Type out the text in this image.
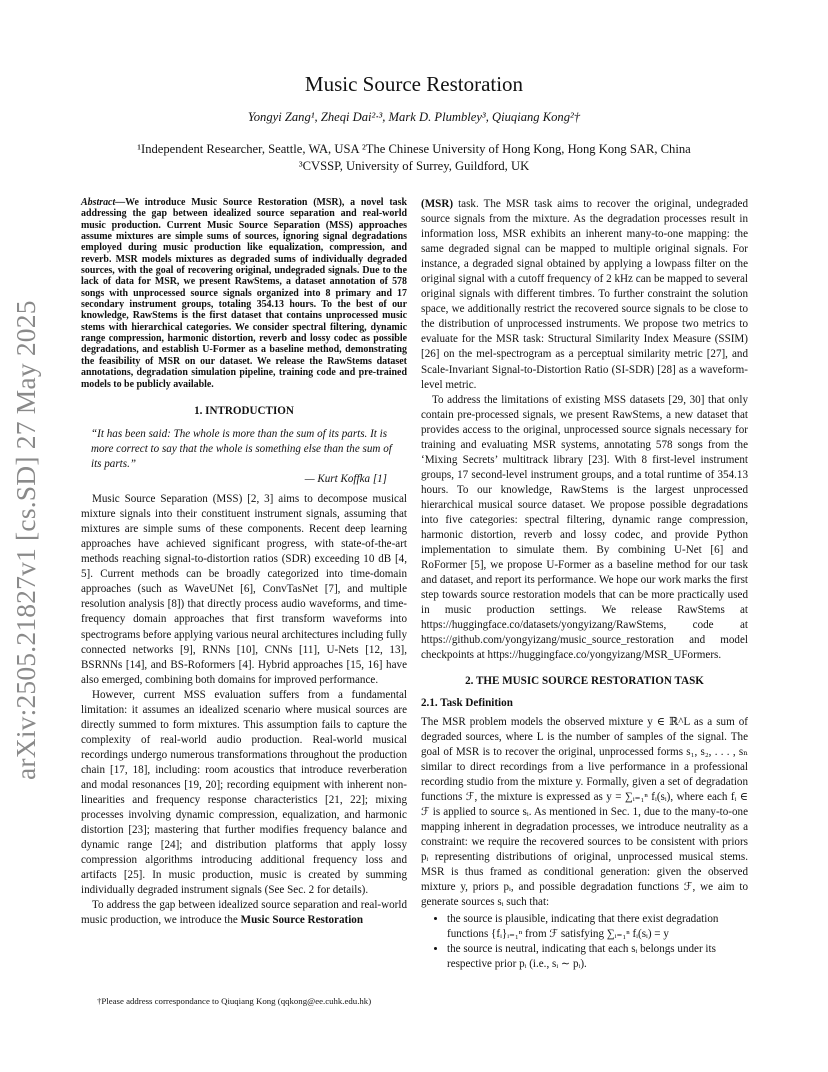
arXiv:2505.21827v1 [cs.SD] 27 May 2025
Music Source Restoration
Yongyi Zang¹, Zheqi Dai²·³, Mark D. Plumbley³, Qiuqiang Kong²†
¹Independent Researcher, Seattle, WA, USA ²The Chinese University of Hong Kong, Hong Kong SAR, China
³CVSSP, University of Surrey, Guildford, UK
Abstract—We introduce Music Source Restoration (MSR), a novel task addressing the gap between idealized source separation and real-world music production. Current Music Source Separation (MSS) approaches assume mixtures are simple sums of sources, ignoring signal degradations employed during music production like equalization, compression, and reverb. MSR models mixtures as degraded sums of individually degraded sources, with the goal of recovering original, undegraded signals. Due to the lack of data for MSR, we present RawStems, a dataset annotation of 578 songs with unprocessed source signals organized into 8 primary and 17 secondary instrument groups, totaling 354.13 hours. To the best of our knowledge, RawStems is the first dataset that contains unprocessed music stems with hierarchical categories. We consider spectral filtering, dynamic range compression, harmonic distortion, reverb and lossy codec as possible degradations, and establish U-Former as a baseline method, demonstrating the feasibility of MSR on our dataset. We release the RawStems dataset annotations, degradation simulation pipeline, training code and pre-trained models to be publicly available.
1. INTRODUCTION
“It has been said: The whole is more than the sum of its parts. It is more correct to say that the whole is something else than the sum of its parts.”
— Kurt Koffka [1]

Music Source Separation (MSS) [2, 3] aims to decompose musical mixture signals into their constituent instrument signals, assuming that mixtures are simple sums of these components. Recent deep learning approaches have achieved significant progress, with state-of-the-art methods reaching signal-to-distortion ratios (SDR) exceeding 10 dB [4, 5]. Current methods can be broadly categorized into time-domain approaches (such as WaveUNet [6], ConvTasNet [7], and multiple resolution analysis [8]) that directly process audio waveforms, and time-frequency domain approaches that first transform waveforms into spectrograms before applying various neural architectures including fully connected networks [9], RNNs [10], CNNs [11], U-Nets [12, 13], BSRNNs [14], and BS-Roformers [4]. Hybrid approaches [15, 16] have also emerged, combining both domains for improved performance.

However, current MSS evaluation suffers from a fundamental limitation: it assumes an idealized scenario where musical sources are directly summed to form mixtures. This assumption fails to capture the complexity of real-world audio production. Real-world musical recordings undergo numerous transformations throughout the production chain [17, 18], including: room acoustics that introduce reverberation and modal resonances [19, 20]; recording equipment with inherent non-linearities and frequency response characteristics [21, 22]; mixing processes involving dynamic compression, equalization, and harmonic distortion [23]; mastering that further modifies frequency balance and dynamic range [24]; and distribution platforms that apply lossy compression algorithms introducing additional frequency loss and artifacts [25]. In music production, music is created by summing individually degraded instrument signals (See Sec. 2 for details).

To address the gap between idealized source separation and real-world music production, we introduce the Music Source Restoration

†Please address correspondance to Qiuqiang Kong (qqkong@ee.cuhk.edu.hk)

(MSR) task. The MSR task aims to recover the original, undegraded source signals from the mixture. As the degradation processes result in information loss, MSR exhibits an inherent many-to-one mapping: the same degraded signal can be mapped to multiple original signals. For instance, a degraded signal obtained by applying a lowpass filter on the original signal with a cutoff frequency of 2 kHz can be mapped to several original signals with different timbres. To further constraint the solution space, we additionally restrict the recovered source signals to be close to the distribution of unprocessed instruments. We propose two metrics to evaluate for the MSR task: Structural Similarity Index Measure (SSIM) [26] on the mel-spectrogram as a perceptual similarity metric [27], and Scale-Invariant Signal-to-Distortion Ratio (SI-SDR) [28] as a waveform-level metric.

To address the limitations of existing MSS datasets [29, 30] that only contain pre-processed signals, we present RawStems, a new dataset that provides access to the original, unprocessed source signals necessary for training and evaluating MSR systems, annotating 578 songs from the ‘Mixing Secrets’ multitrack library [23]. With 8 first-level instrument groups, 17 second-level instrument groups, and a total runtime of 354.13 hours. To our knowledge, RawStems is the largest unprocessed hierarchical musical source dataset. We propose possible degradations into five categories: spectral filtering, dynamic range compression, harmonic distortion, reverb and lossy codec, and provide Python implementation to simulate them. By combining U-Net [6] and RoFormer [5], we propose U-Former as a baseline method for our task and dataset, and report its performance. We hope our work marks the first step towards source restoration models that can be more practically used in music production settings. We release RawStems at https://huggingface.co/datasets/yongyizang/RawStems, code at https://github.com/yongyizang/music_source_restoration and model checkpoints at https://huggingface.co/yongyizang/MSR_UFormers.

2. THE MUSIC SOURCE RESTORATION TASK
2.1. Task Definition

The MSR problem models the observed mixture y ∈ ℝ^L as a sum of degraded sources, where L is the number of samples of the signal. The goal of MSR is to recover the original, unprocessed forms s₁, s₂, . . . , sₙ similar to direct recordings from a live performance in a professional recording studio from the mixture y. Formally, given a set of degradation functions ℱ, the mixture is expressed as y = ∑ᵢ₌₁ⁿ fᵢ(sᵢ), where each fᵢ ∈ ℱ is applied to source sᵢ. As mentioned in Sec. 1, due to the many-to-one mapping inherent in degradation processes, we introduce neutrality as a constraint: we require the recovered sources to be consistent with priors pᵢ representing distributions of original, unprocessed musical stems. MSR is thus framed as conditional generation: given the observed mixture y, priors pᵢ, and possible degradation functions ℱ, we aim to generate sources sᵢ such that:

• the source is plausible, indicating that there exist degradation functions {fᵢ}ᵢ₌₁ⁿ from ℱ satisfying ∑ᵢ₌₁ⁿ fᵢ(sᵢ) = y
• the source is neutral, indicating that each sᵢ belongs under its respective prior pᵢ (i.e., sᵢ ∼ pᵢ).
